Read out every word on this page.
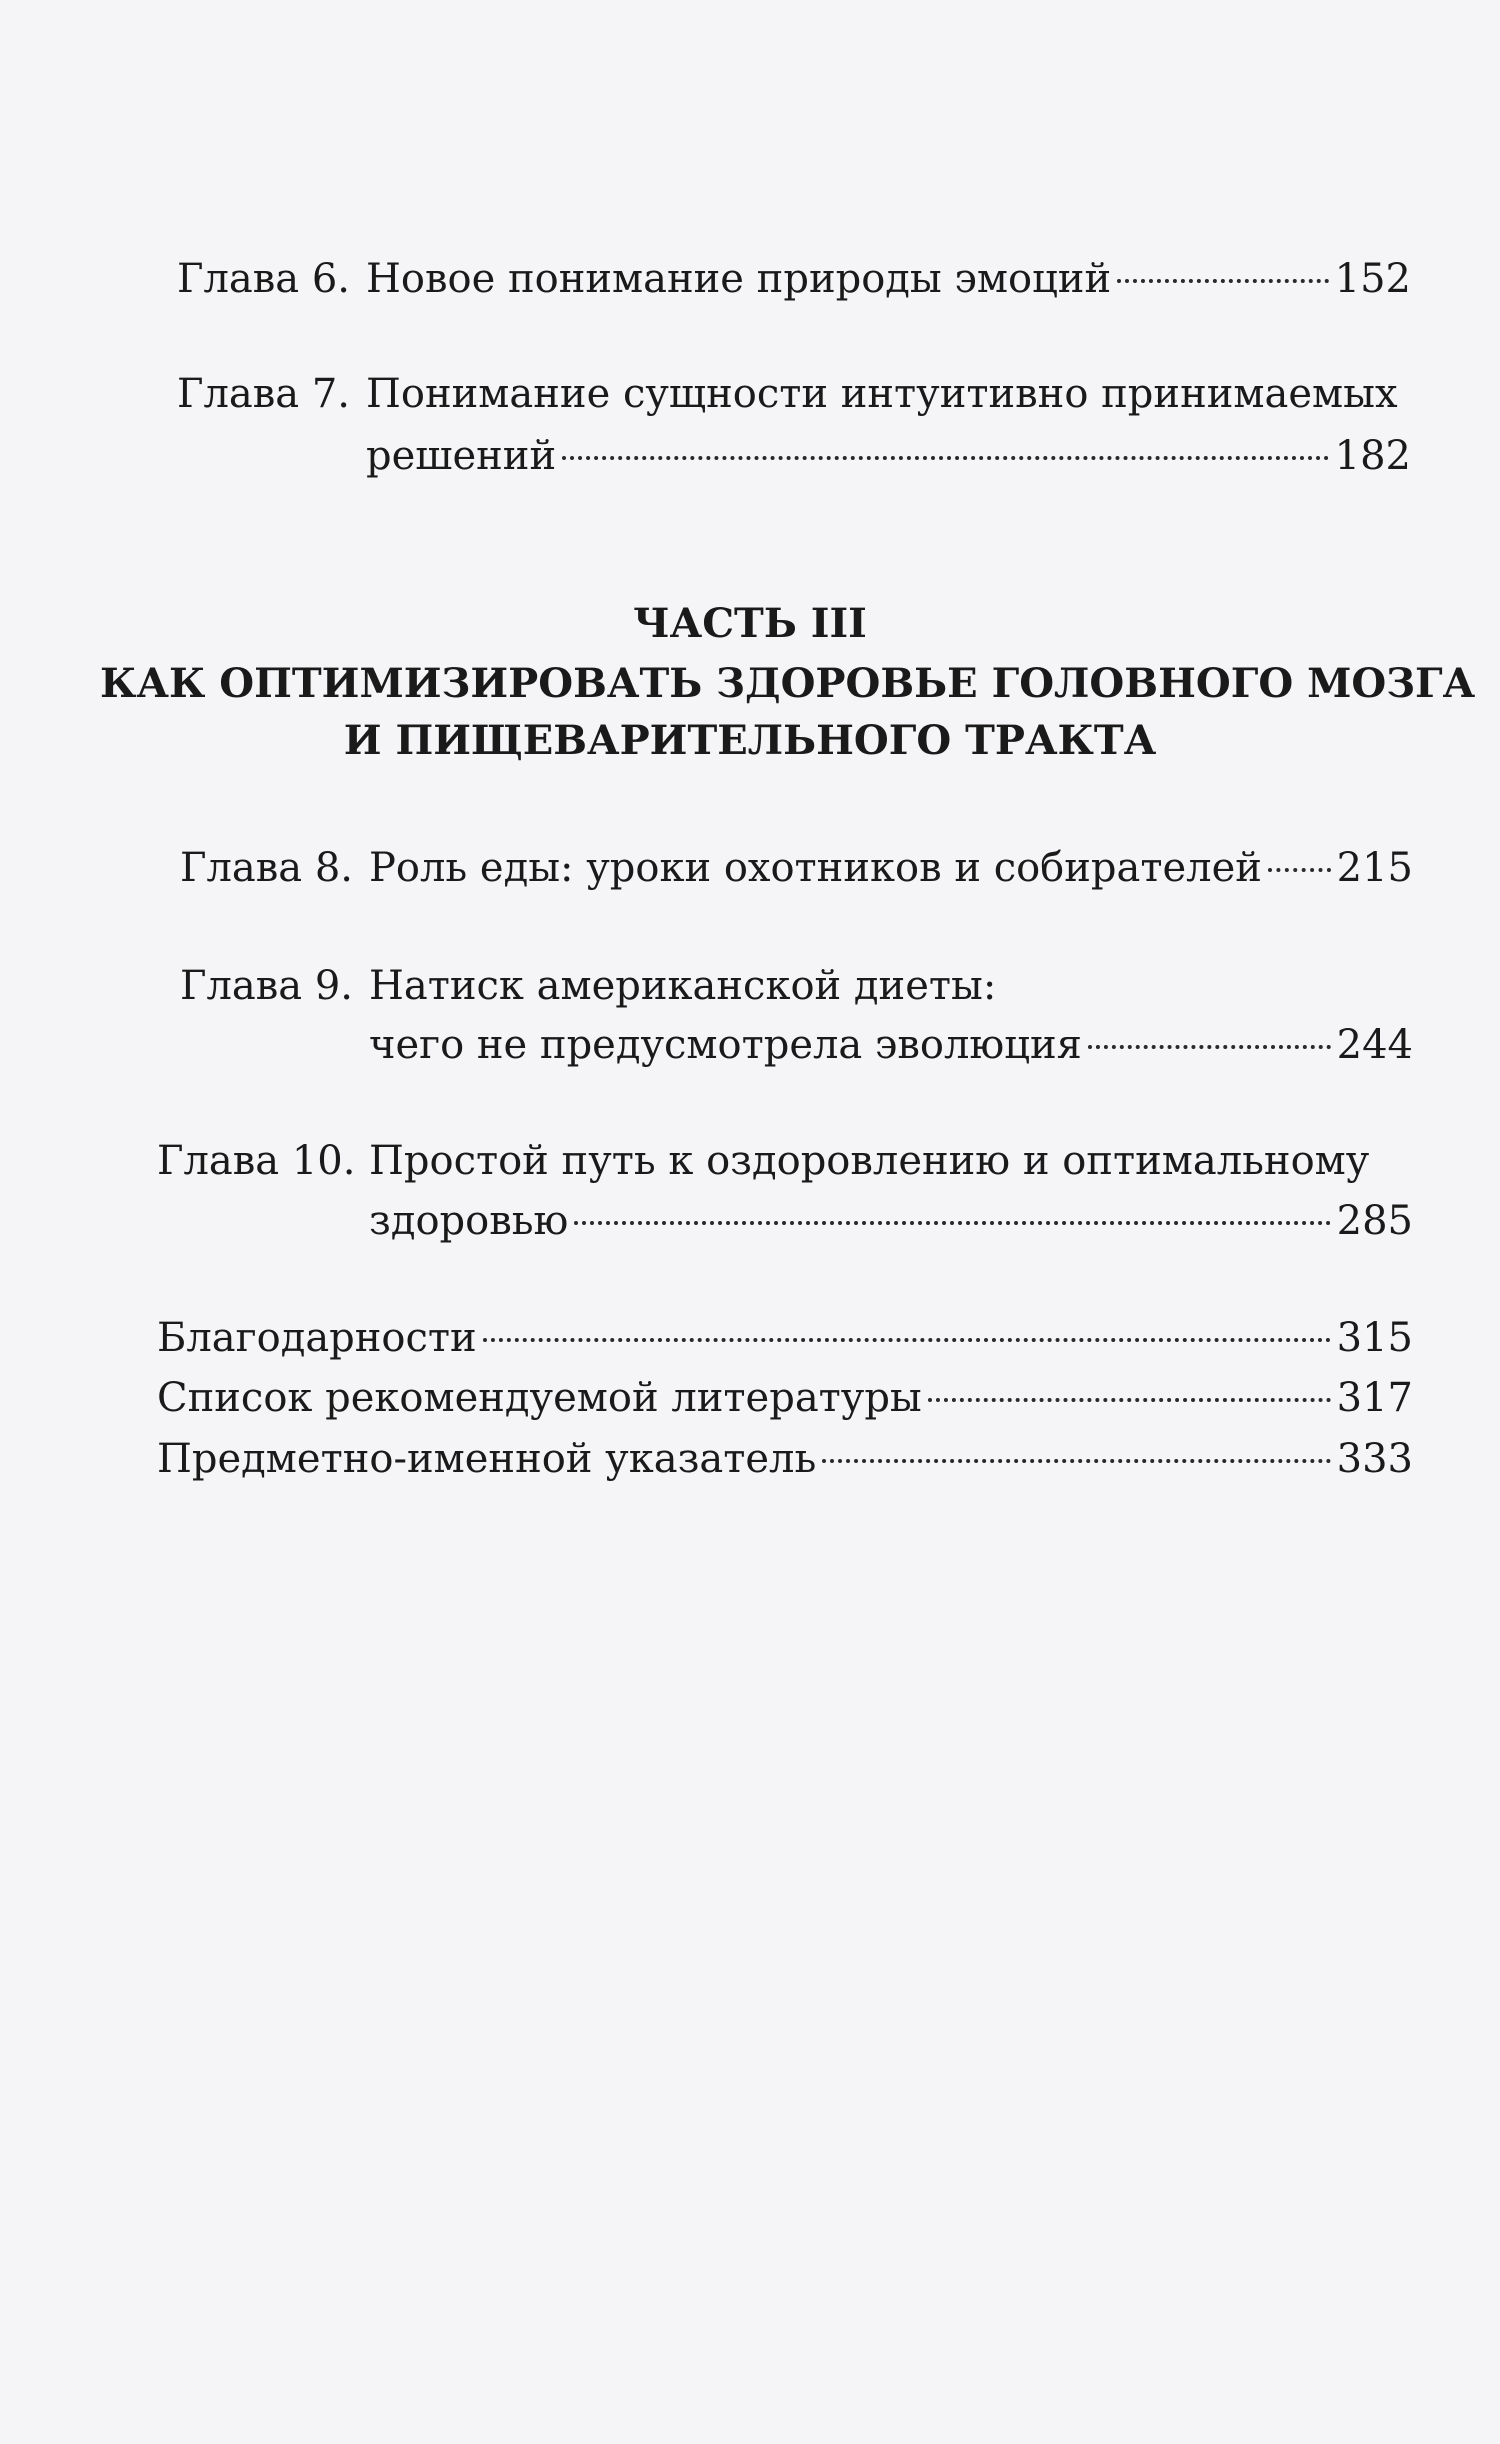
Глава 6. Новое понимание природы эмоций	152
Глава 7. Понимание сущности интуитивно принимаемых
решений	182
ЧАСТЬ III
КАК ОПТИМИЗИРОВАТЬ ЗДОРОВЬЕ ГОЛОВНОГО МОЗГА
И ПИЩЕВАРИТЕЛЬНОГО ТРАКТА
Глава 8. Роль еды: уроки охотников и собирателей 215
Глава 9. Натиск американской диеты:
чего не предусмотрела эволюция	244
Глава 10. Простой путь к оздоровлению и оптимальному
здоровью	285
Благодарности	315
Список рекомендуемой литературы	317
Предметно-именной указатель	333
